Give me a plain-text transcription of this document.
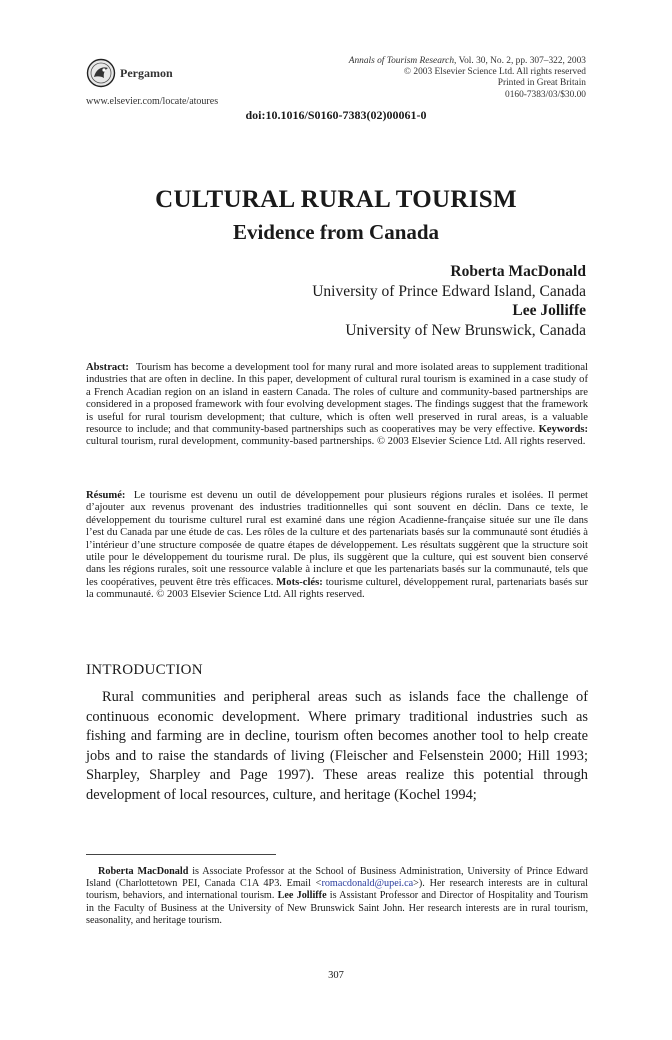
Pergamon
Annals of Tourism Research, Vol. 30, No. 2, pp. 307–322, 2003
© 2003 Elsevier Science Ltd. All rights reserved
Printed in Great Britain
0160-7383/03/$30.00
www.elsevier.com/locate/atoures
doi:10.1016/S0160-7383(02)00061-0
CULTURAL RURAL TOURISM
Evidence from Canada
Roberta MacDonald
University of Prince Edward Island, Canada
Lee Jolliffe
University of New Brunswick, Canada
Abstract: Tourism has become a development tool for many rural and more isolated areas to supplement traditional industries that are often in decline. In this paper, development of cultural rural tourism is examined in a case study of a French Acadian region on an island in eastern Canada. The roles of culture and community-based partnerships are considered in a proposed framework with four evolving development stages. The findings suggest that the framework is useful for rural tourism development; that culture, which is often well preserved in rural areas, is a valuable resource to include; and that community-based partnerships such as cooperatives may be very effective. Keywords: cultural tourism, rural development, community-based partnerships. © 2003 Elsevier Science Ltd. All rights reserved.
Résumé: Le tourisme est devenu un outil de développement pour plusieurs régions rurales et isolées. Il permet d’ajouter aux revenus provenant des industries traditionnelles qui sont souvent en déclin. Dans ce texte, le développement du tourisme culturel rural est examiné dans une région Acadienne-française située sur une île dans l’est du Canada par une étude de cas. Les rôles de la culture et des partenariats basés sur la communauté sont étudiés à l’intérieur d’une structure composée de quatre étapes de développement. Les résultats suggèrent que la structure soit utile pour le développement du tourisme rural. De plus, ils suggèrent que la culture, qui est souvent bien conservé dans les régions rurales, soit une ressource valable à inclure et que les partenariats basés sur la communauté, tels que les coopératives, peuvent être très efficaces. Mots-clés: tourisme culturel, développement rural, partenariats basés sur la communauté. © 2003 Elsevier Science Ltd. All rights reserved.
INTRODUCTION
Rural communities and peripheral areas such as islands face the challenge of continuous economic development. Where primary traditional industries such as fishing and farming are in decline, tourism often becomes another tool to help create jobs and to raise the standards of living (Fleischer and Felsenstein 2000; Hill 1993; Sharpley, Sharpley and Page 1997). These areas realize this potential through development of local resources, culture, and heritage (Kochel 1994;
Roberta MacDonald is Associate Professor at the School of Business Administration, University of Prince Edward Island (Charlottetown PEI, Canada C1A 4P3. Email <romacdonald@upei.ca>). Her research interests are in cultural tourism, behaviors, and international tourism. Lee Jolliffe is Assistant Professor and Director of Hospitality and Tourism in the Faculty of Business at the University of New Brunswick Saint John. Her research interests are in rural tourism, seasonality, and heritage tourism.
307
